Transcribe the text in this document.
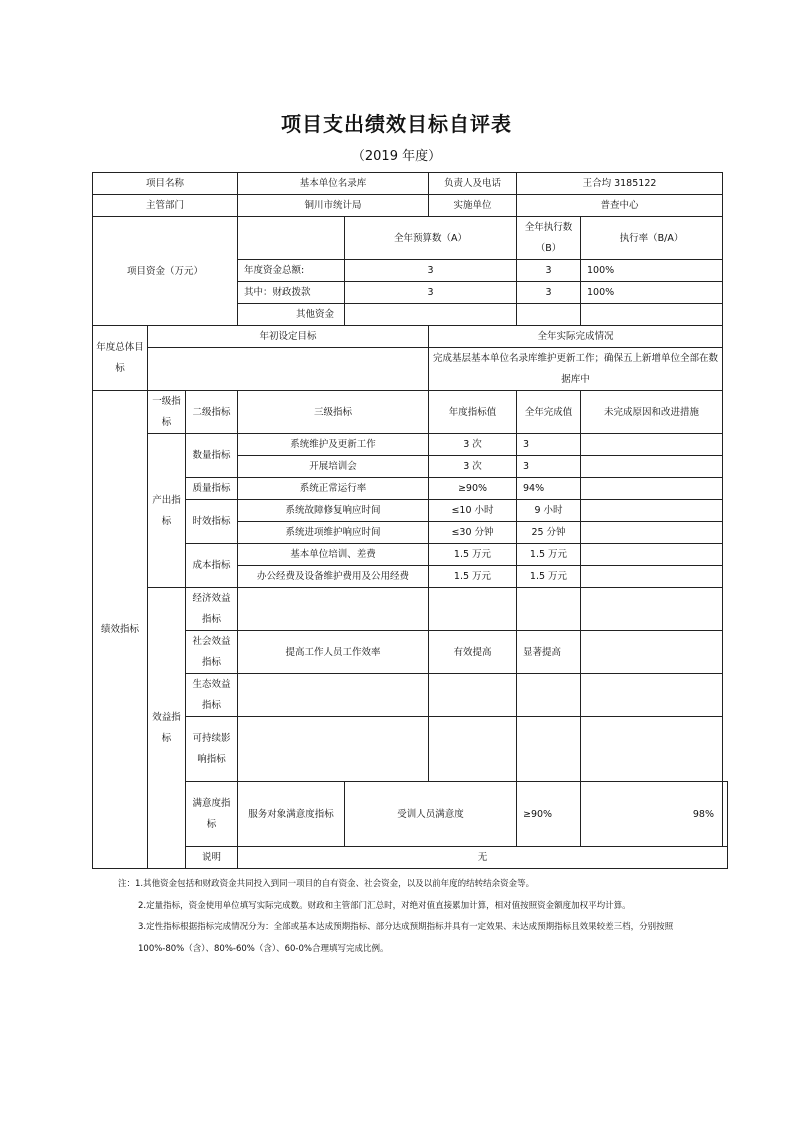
项目支出绩效目标自评表
（2019 年度）
项目名称			基本单位名录库		负责人及电话	王合均 3185122		
主管部门			铜川市统计局		实施单位	普查中心		
项目资金（万元）				全年预算数（A）		全年执行数（B）	执行率（B/A）	
			年度资金总额:	3		3	100%	
			其中：财政拨款	3		3	100%	
			其他资金					
年度总体目标	年初设定目标				全年实际完成情况			
					完成基层基本单位名录库维护更新工作；确保五上新增单位全部在数据库中			
绩效指标	一级指标	二级指标	三级指标		年度指标值	全年完成值	未完成原因和改进措施	
	产出指标	数量指标	系统维护及更新工作		3 次	3		
			开展培训会		3 次	3		
		质量指标	系统正常运行率		≥90%	94%		
		时效指标	系统故障修复响应时间		≤10 小时	9 小时		
			系统进项维护响应时间		≤30 分钟	25 分钟		
		成本指标	基本单位培训、差费		1.5 万元	1.5 万元		
			办公经费及设备维护费用及公用经费		1.5 万元	1.5 万元		
	效益指标	经济效益指标						
		社会效益指标	提高工作人员工作效率		有效提高	显著提高		
		生态效益指标						
		可持续影响指标						
		满意度指标	服务对象满意度指标	受训人员满意度		≥90%	98%	
		说明	无					

注：1.其他资金包括和财政资金共同投入到同一项目的自有资金、社会资金，以及以前年度的结转结余资金等。

2.定量指标，资金使用单位填写实际完成数。财政和主管部门汇总时，对绝对值直接累加计算，相对值按照资金额度加权平均计算。

3.定性指标根据指标完成情况分为：全部或基本达成预期指标、部分达成预期指标并具有一定效果、未达成预期指标且效果较差三档，分别按照 100%-80%（含）、80%-60%（含）、60-0%合理填写完成比例。
